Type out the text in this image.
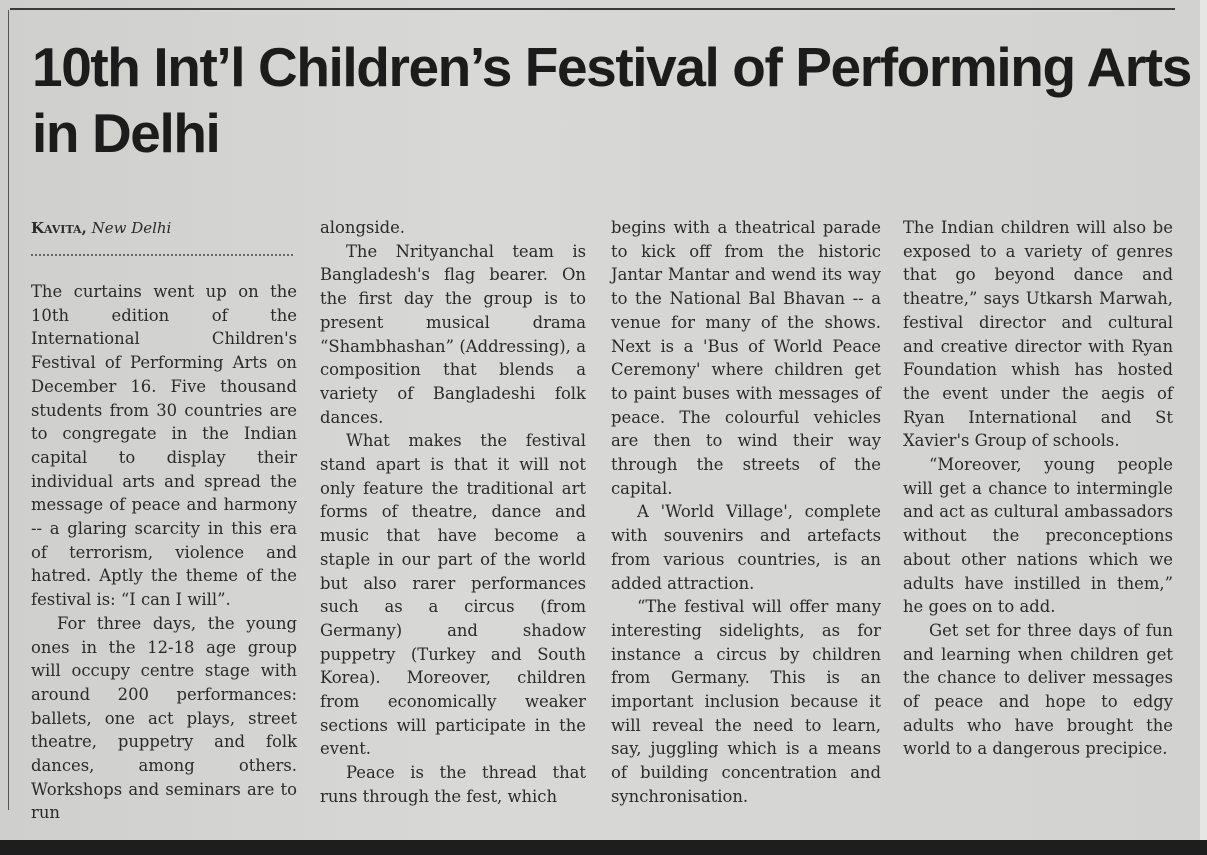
10th Int’l Children’s Festival of Performing Arts in Delhi
Kavita, New Delhi

The curtains went up on the 10th edition of the International Children's Festival of Performing Arts on December 16. Five thousand students from 30 countries are to congregate in the Indian capital to display their individual arts and spread the message of peace and harmony -- a glaring scarcity in this era of terrorism, violence and hatred. Aptly the theme of the festival is: “I can I will”.

For three days, the young ones in the 12-18 age group will occupy centre stage with around 200 performances: ballets, one act plays, street theatre, puppetry and folk dances, among others. Workshops and seminars are to run

alongside.

The Nrityanchal team is Bangladesh's flag bearer. On the first day the group is to present musical drama “Shambhashan” (Addressing), a composition that blends a variety of Bangladeshi folk dances.

What makes the festival stand apart is that it will not only feature the traditional art forms of theatre, dance and music that have become a staple in our part of the world but also rarer performances such as a circus (from Germany) and shadow puppetry (Turkey and South Korea). Moreover, children from economically weaker sections will participate in the event.

Peace is the thread that runs through the fest, which

begins with a theatrical parade to kick off from the historic Jantar Mantar and wend its way to the National Bal Bhavan -- a venue for many of the shows. Next is a 'Bus of World Peace Ceremony' where children get to paint buses with messages of peace. The colourful vehicles are then to wind their way through the streets of the capital.

A 'World Village', complete with souvenirs and artefacts from various countries, is an added attraction.

“The festival will offer many interesting sidelights, as for instance a circus by children from Germany. This is an important inclusion because it will reveal the need to learn, say, juggling which is a means of building concentration and synchronisation.

The Indian children will also be exposed to a variety of genres that go beyond dance and theatre,” says Utkarsh Marwah, festival director and cultural and creative director with Ryan Foundation whish has hosted the event under the aegis of Ryan International and St Xavier's Group of schools.

“Moreover, young people will get a chance to intermingle and act as cultural ambassadors without the preconceptions about other nations which we adults have instilled in them,” he goes on to add.

Get set for three days of fun and learning when children get the chance to deliver messages of peace and hope to edgy adults who have brought the world to a dangerous precipice.
